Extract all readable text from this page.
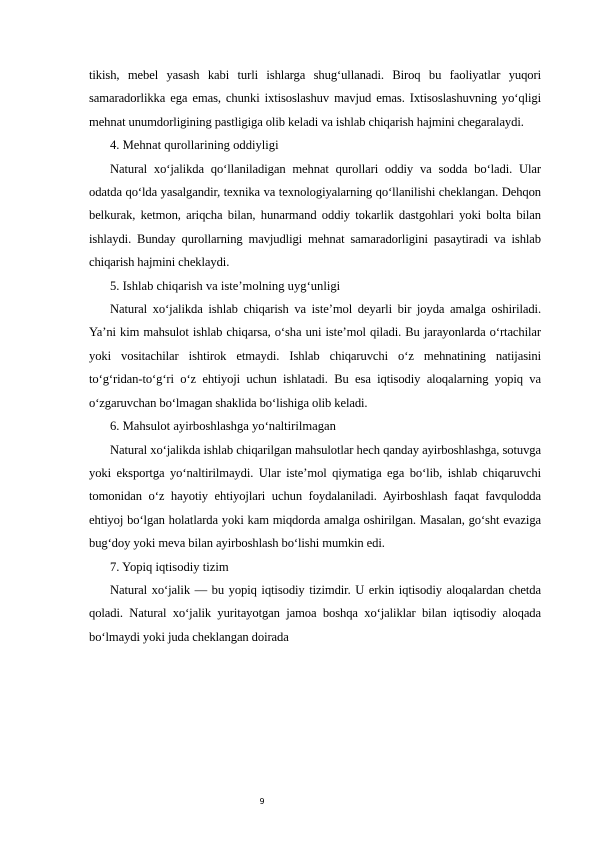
tikish, mebel yasash kabi turli ishlarga shug‘ullanadi. Biroq bu faoliyatlar yuqori samaradorlikka ega emas, chunki ixtisoslashuv mavjud emas. Ixtisoslashuvning yo‘qligi mehnat unumdorligining pastligiga olib keladi va ishlab chiqarish hajmini chegaralaydi.

4. Mehnat qurollarining oddiyligi

Natural xo‘jalikda qo‘llaniladigan mehnat qurollari oddiy va sodda bo‘ladi. Ular odatda qo‘lda yasalgandir, texnika va texnologiyalarning qo‘llanilishi cheklangan. Dehqon belkurak, ketmon, ariqcha bilan, hunarmand oddiy tokarlik dastgohlari yoki bolta bilan ishlaydi. Bunday qurollarning mavjudligi mehnat samaradorligini pasaytiradi va ishlab chiqarish hajmini cheklaydi.

5. Ishlab chiqarish va iste’molning uyg‘unligi

Natural xo‘jalikda ishlab chiqarish va iste’mol deyarli bir joyda amalga oshiriladi. Ya’ni kim mahsulot ishlab chiqarsa, o‘sha uni iste’mol qiladi. Bu jarayonlarda o‘rtachilar yoki vositachilar ishtirok etmaydi. Ishlab chiqaruvchi o‘z mehnatining natijasini to‘g‘ridan-to‘g‘ri o‘z ehtiyoji uchun ishlatadi. Bu esa iqtisodiy aloqalarning yopiq va o‘zgaruvchan bo‘lmagan shaklida bo‘lishiga olib keladi.

6. Mahsulot ayirboshlashga yo‘naltirilmagan

Natural xo‘jalikda ishlab chiqarilgan mahsulotlar hech qanday ayirboshlashga, sotuvga yoki eksportga yo‘naltirilmaydi. Ular iste’mol qiymatiga ega bo‘lib, ishlab chiqaruvchi tomonidan o‘z hayotiy ehtiyojlari uchun foydalaniladi. Ayirboshlash faqat favqulodda ehtiyoj bo‘lgan holatlarda yoki kam miqdorda amalga oshirilgan. Masalan, go‘sht evaziga bug‘doy yoki meva bilan ayirboshlash bo‘lishi mumkin edi.

7. Yopiq iqtisodiy tizim

Natural xo‘jalik — bu yopiq iqtisodiy tizimdir. U erkin iqtisodiy aloqalardan chetda qoladi. Natural xo‘jalik yuritayotgan jamoa boshqa xo‘jaliklar bilan iqtisodiy aloqada bo‘lmaydi yoki juda cheklangan doirada

9
